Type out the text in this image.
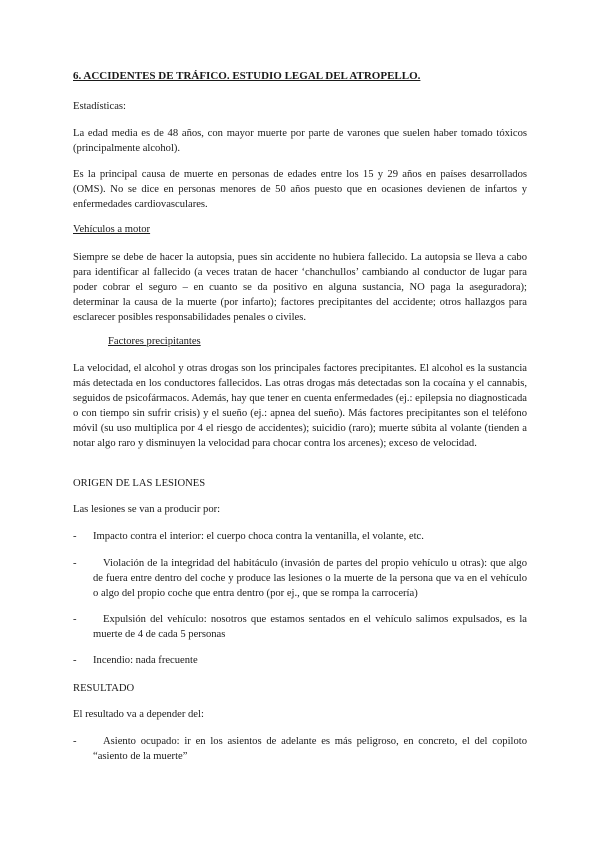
6. ACCIDENTES DE TRÁFICO. ESTUDIO LEGAL DEL ATROPELLO.

Estadísticas:

La edad media es de 48 años, con mayor muerte por parte de varones que suelen haber tomado tóxicos (principalmente alcohol).

Es la principal causa de muerte en personas de edades entre los 15 y 29 años en países desarrollados (OMS). No se dice en personas menores de 50 años puesto que en ocasiones devienen de infartos y enfermedades cardiovasculares.

Vehículos a motor

Siempre se debe de hacer la autopsia, pues sin accidente no hubiera fallecido. La autopsia se lleva a cabo para identificar al fallecido (a veces tratan de hacer ‘chanchullos’ cambiando al conductor de lugar para poder cobrar el seguro – en cuanto se da positivo en alguna sustancia, NO paga la aseguradora); determinar la causa de la muerte (por infarto); factores precipitantes del accidente; otros hallazgos para esclarecer posibles responsabilidades penales o civiles.

Factores precipitantes

La velocidad, el alcohol y otras drogas son los principales factores precipitantes. El alcohol es la sustancia más detectada en los conductores fallecidos. Las otras drogas más detectadas son la cocaína y el cannabis, seguidos de psicofármacos. Además, hay que tener en cuenta enfermedades (ej.: epilepsia no diagnosticada o con tiempo sin sufrir crisis) y el sueño (ej.: apnea del sueño). Más factores precipitantes son el teléfono móvil (su uso multiplica por 4 el riesgo de accidentes); suicidio (raro); muerte súbita al volante (tienden a notar algo raro y disminuyen la velocidad para chocar contra los arcenes); exceso de velocidad.

ORIGEN DE LAS LESIONES

Las lesiones se van a producir por:

- Impacto contra el interior: el cuerpo choca contra la ventanilla, el volante, etc.
-	Violación de la integridad del habitáculo (invasión de partes del propio vehículo u otras): que algo de fuera entre dentro del coche y produce las lesiones o la muerte de la persona que va en el vehículo o algo del propio coche que entra dentro (por ej., que se rompa la carrocería)
-	Expulsión del vehículo: nosotros que estamos sentados en el vehículo salimos expulsados, es la muerte de 4 de cada 5 personas
- Incendio: nada frecuente

RESULTADO

El resultado va a depender del:

-	Asiento ocupado: ir en los asientos de adelante es más peligroso, en concreto, el del copiloto “asiento de la muerte”
